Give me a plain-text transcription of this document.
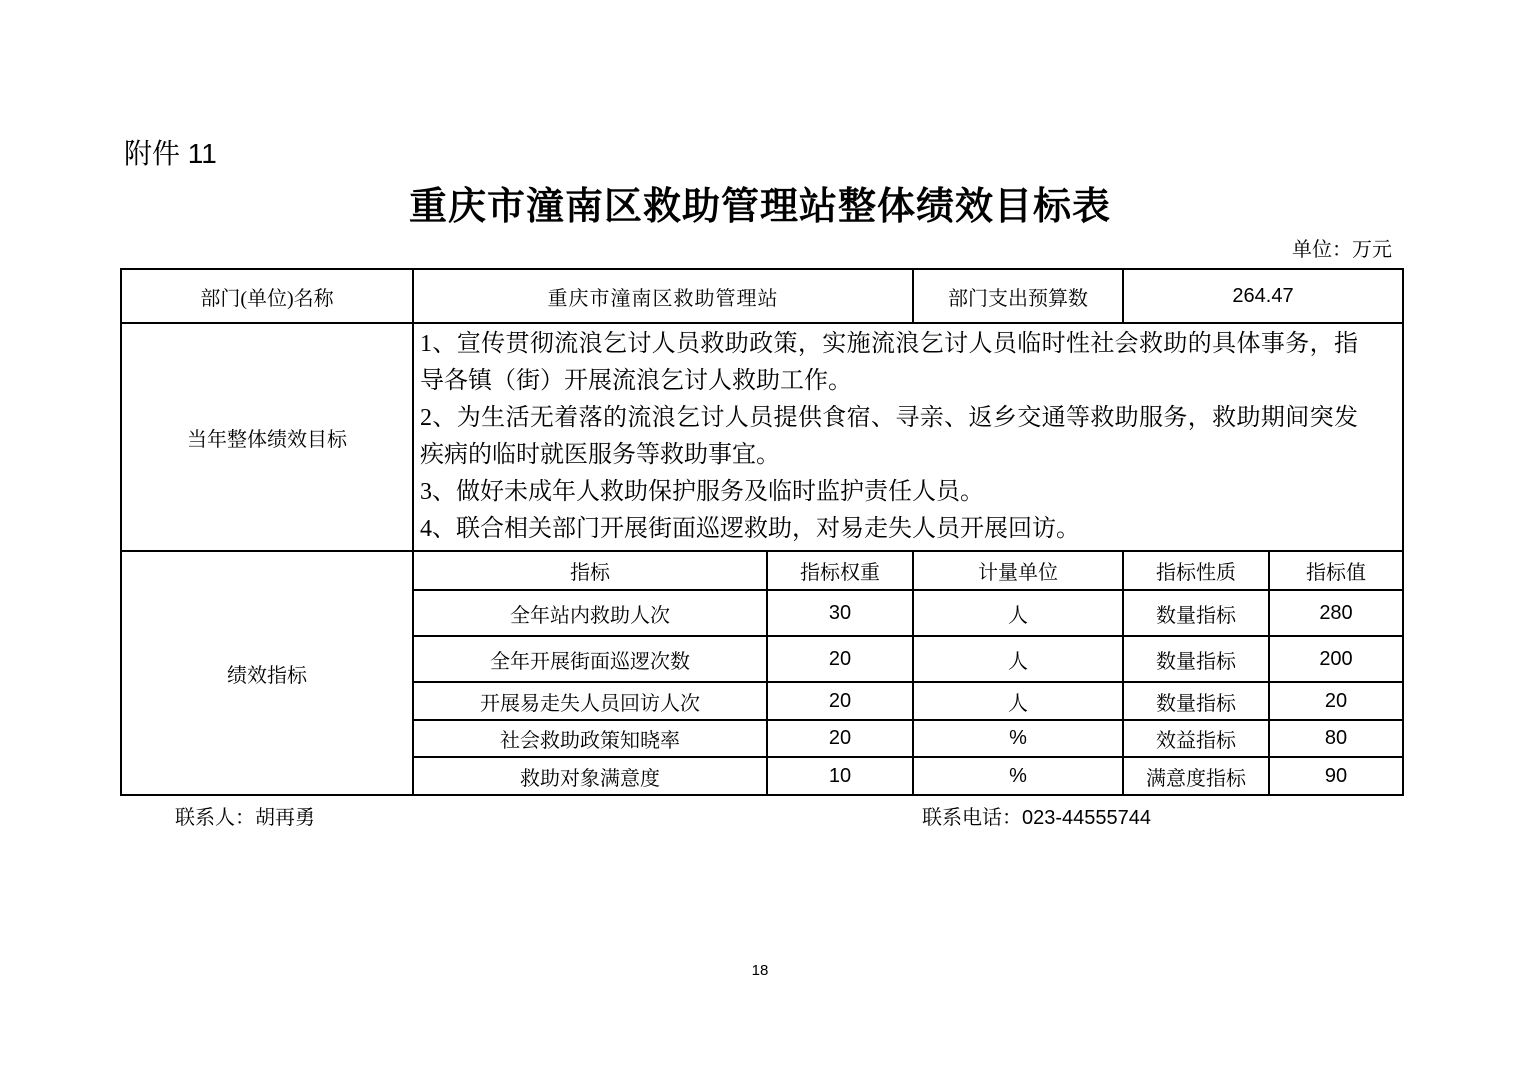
附件 11
重庆市潼南区救助管理站整体绩效目标表
单位：万元
部门(单位)名称	重庆市潼南区救助管理站		部门支出预算数	264.47	
当年整体绩效目标	1、宣传贯彻流浪乞讨人员救助政策，实施流浪乞讨人员临时性社会救助的具体事务，指导各镇（街）开展流浪乞讨人救助工作。

2、为生活无着落的流浪乞讨人员提供食宿、寻亲、返乡交通等救助服务，救助期间突发疾病的临时就医服务等救助事宜。

3、做好未成年人救助保护服务及临时监护责任人员。

4、联合相关部门开展街面巡逻救助，对易走失人员开展回访。				

绩效指标	指标	指标权重	计量单位	指标性质	指标值
	全年站内救助人次	30	人	数量指标	280
	全年开展街面巡逻次数	20	人	数量指标	200
	开展易走失人员回访人次	20	人	数量指标	20
	社会救助政策知晓率	20	%	效益指标	80
	救助对象满意度	10	%	满意度指标	90
联系人：胡再勇	联系电话：023-44555744
18
